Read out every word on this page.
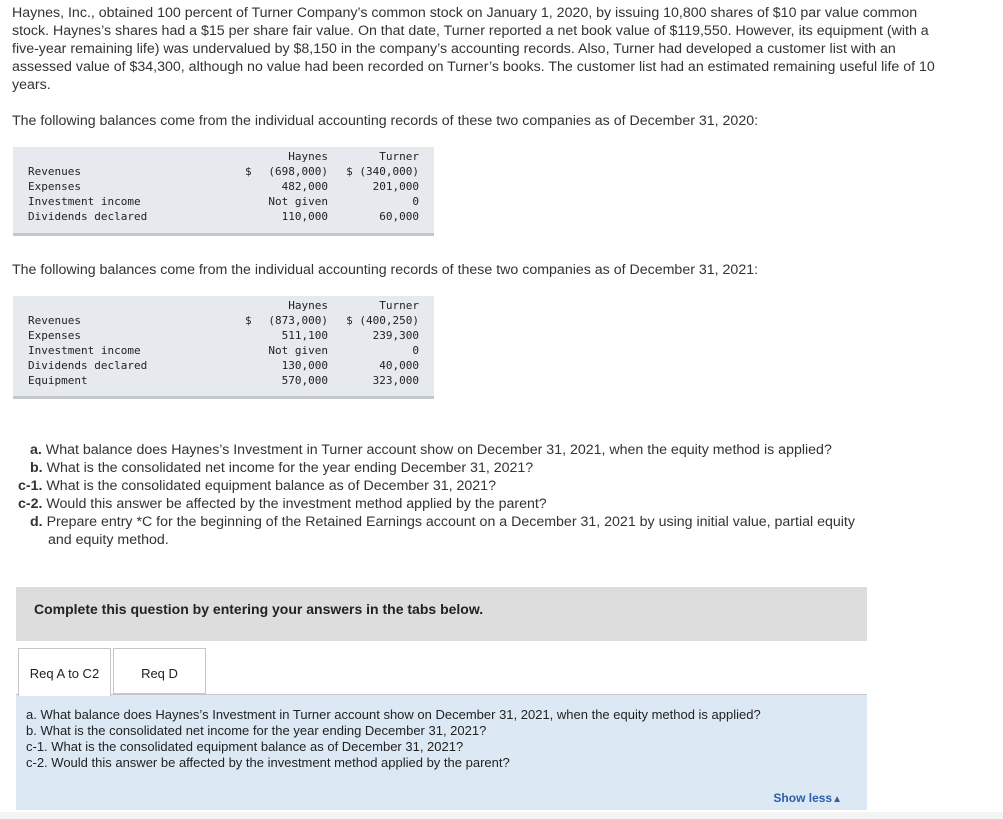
Haynes, Inc., obtained 100 percent of Turner Company’s common stock on January 1, 2020, by issuing 10,800 shares of $10 par value common stock. Haynes’s shares had a $15 per share fair value. On that date, Turner reported a net book value of $119,550. However, its equipment (with a five-year remaining life) was undervalued by $8,150 in the company’s accounting records. Also, Turner had developed a customer list with an assessed value of $34,300, although no value had been recorded on Turner’s books. The customer list had an estimated remaining useful life of 10 years.

The following balances come from the individual accounting records of these two companies as of December 31, 2020:

Haynes	Turner
$
Revenues	(698,000) $ (340,000)
Expenses	482,000	201,000
Investment income	Not given	0
Dividends declared	110,000	60,000

The following balances come from the individual accounting records of these two companies as of December 31, 2021:

Haynes	Turner
$
Revenues	(873,000) $ (400,250)
Expenses	511,100	239,300
Investment income	Not given	0
Dividends declared	130,000	40,000
Equipment	570,000	323,000
a. What balance does Haynes’s Investment in Turner account show on December 31, 2021, when the equity method is applied?
b. What is the consolidated net income for the year ending December 31, 2021?
c-1. What is the consolidated equipment balance as of December 31, 2021?
c-2. Would this answer be affected by the investment method applied by the parent?
d. Prepare entry *C for the beginning of the Retained Earnings account on a December 31, 2021 by using initial value, partial equity
and equity method.
Complete this question by entering your answers in the tabs below.
Req A to C2	Req D

a. What balance does Haynes’s Investment in Turner account show on December 31, 2021, when the equity method is applied?

b. What is the consolidated net income for the year ending December 31, 2021?

c-1. What is the consolidated equipment balance as of December 31, 2021?

c-2. Would this answer be affected by the investment method applied by the parent?

Show less▲
